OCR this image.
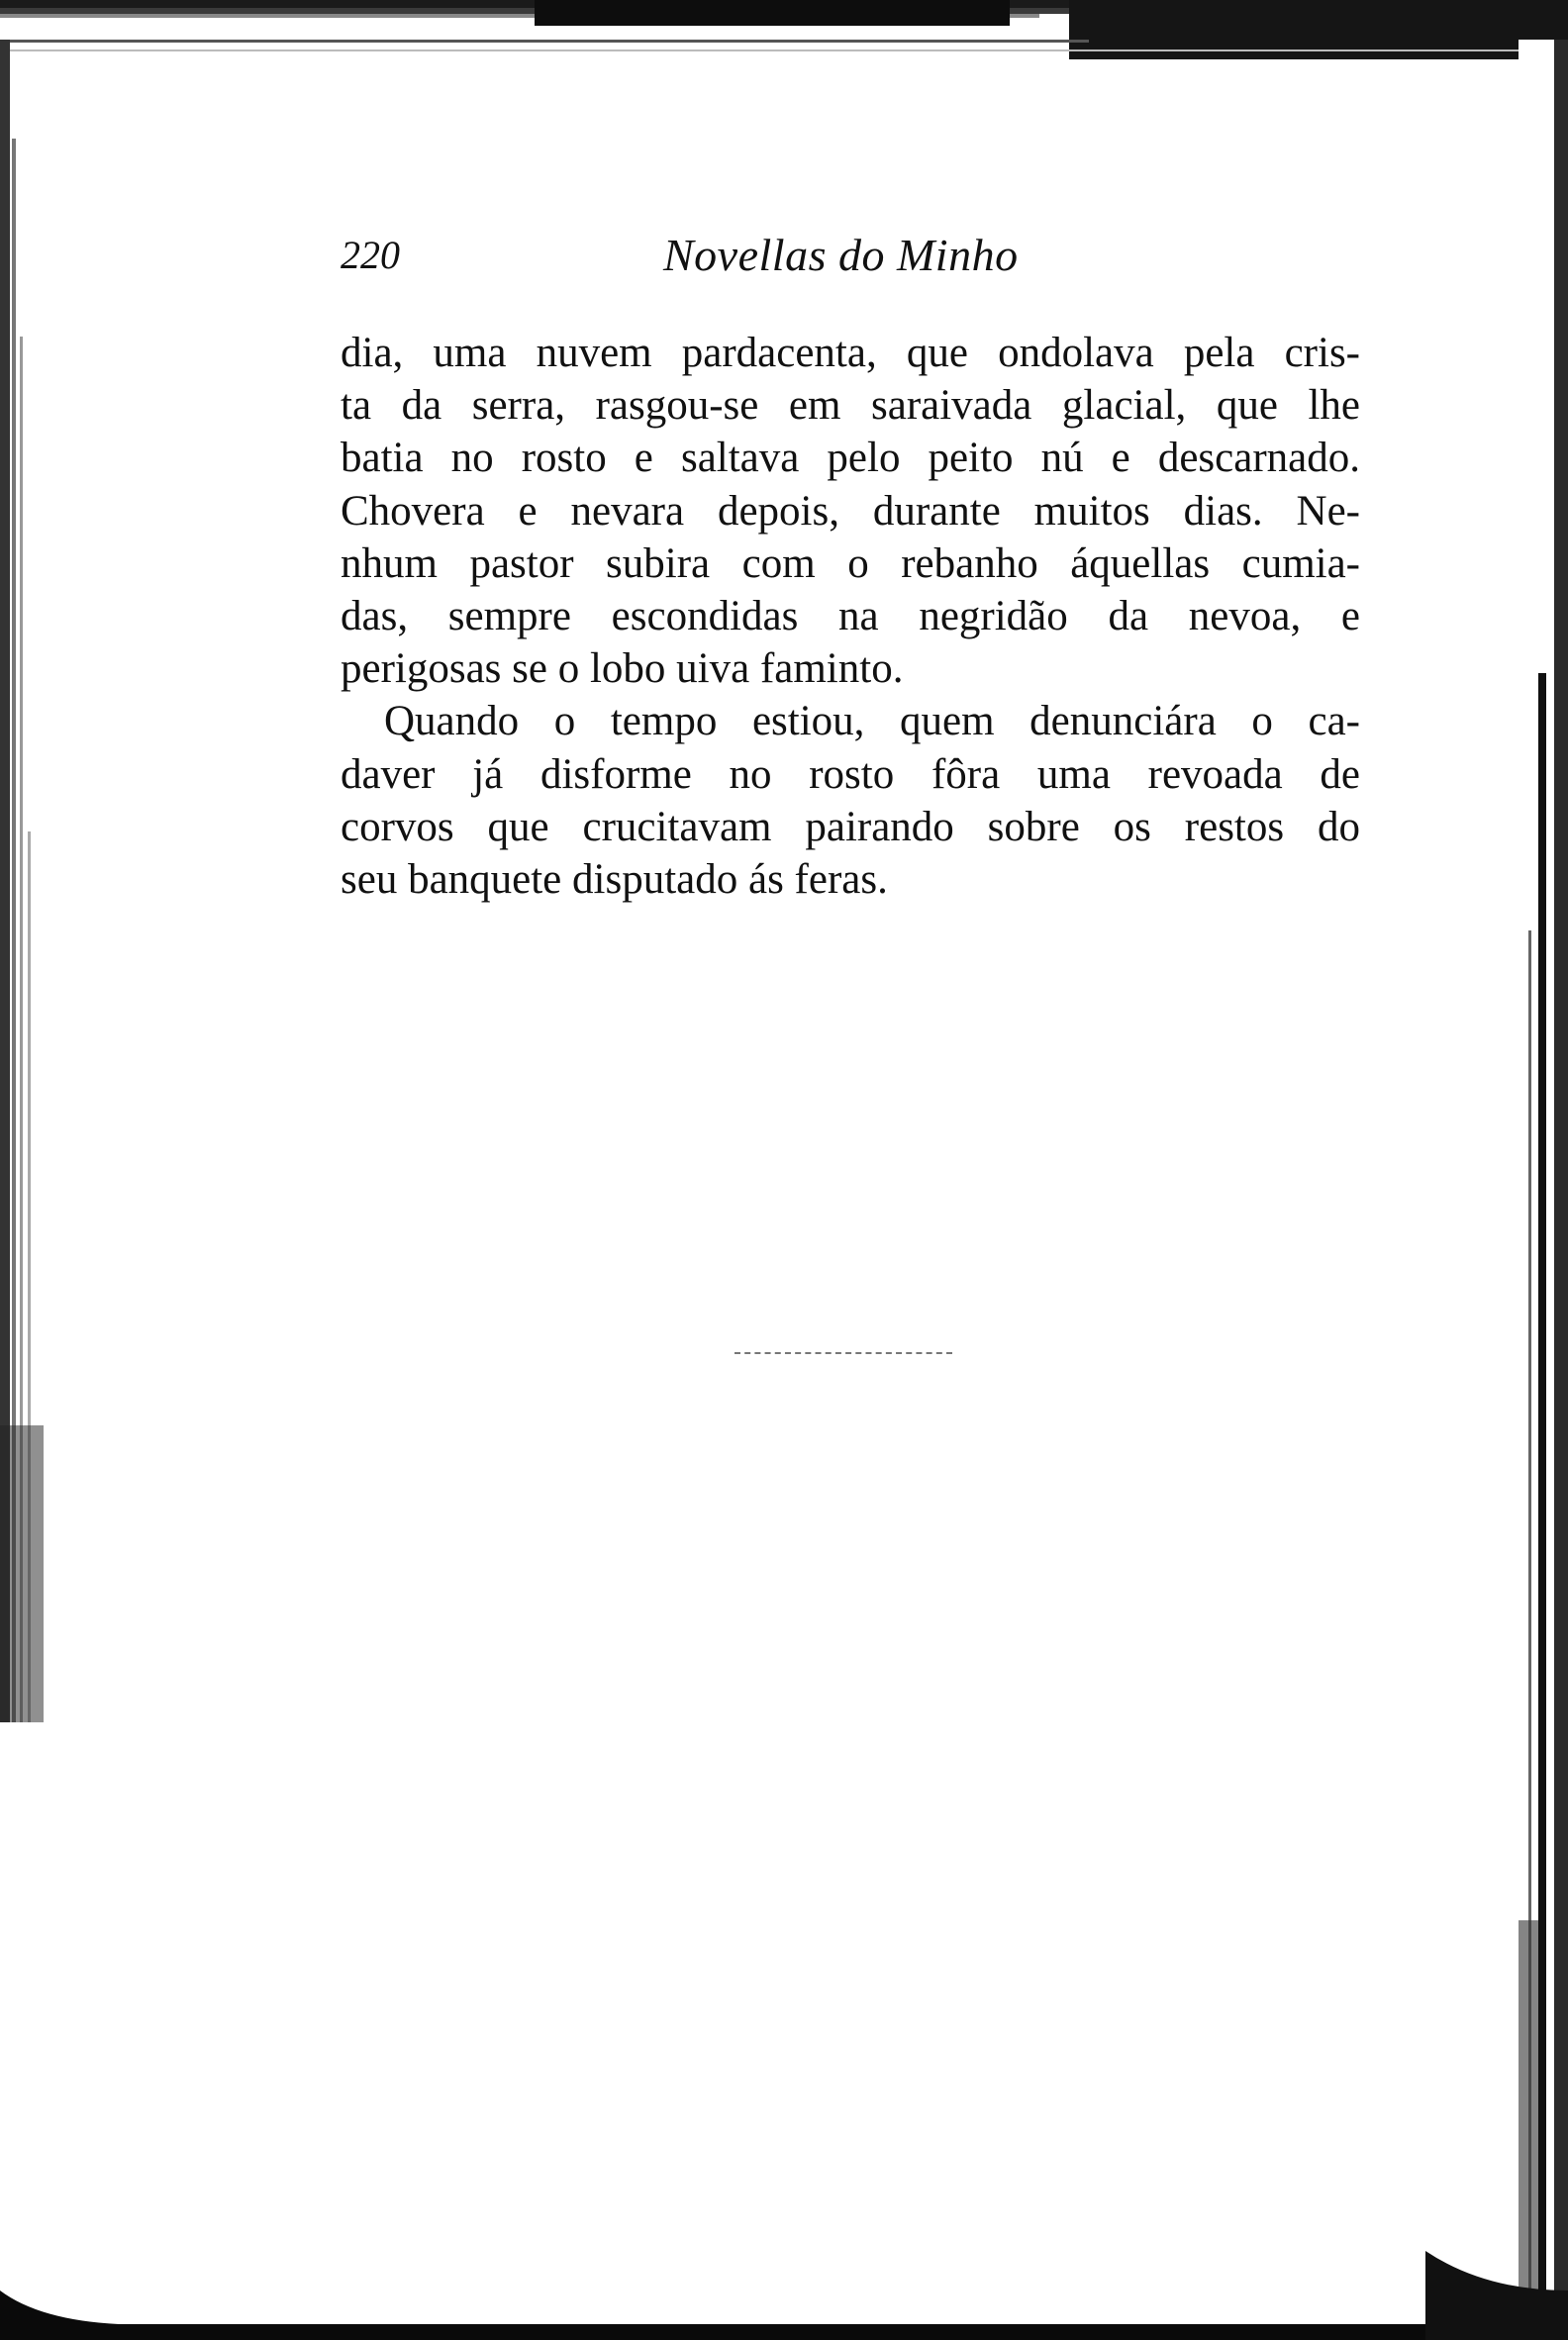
220	Novellas do Minho
dia, uma nuvem pardacenta, que ondolava pela cris-
ta da serra, rasgou-se em saraivada glacial, que lhe
batia no rosto e saltava pelo peito nú e descarnado.
Chovera e nevara depois, durante muitos dias. Ne-
nhum pastor subira com o rebanho áquellas cumia-
das, sempre escondidas na negridão da nevoa, e
perigosas se o lobo uiva faminto.
Quando o tempo estiou, quem denunciára o ca-
daver já disforme no rosto fôra uma revoada de
corvos que crucitavam pairando sobre os restos do
seu banquete disputado ás feras.
